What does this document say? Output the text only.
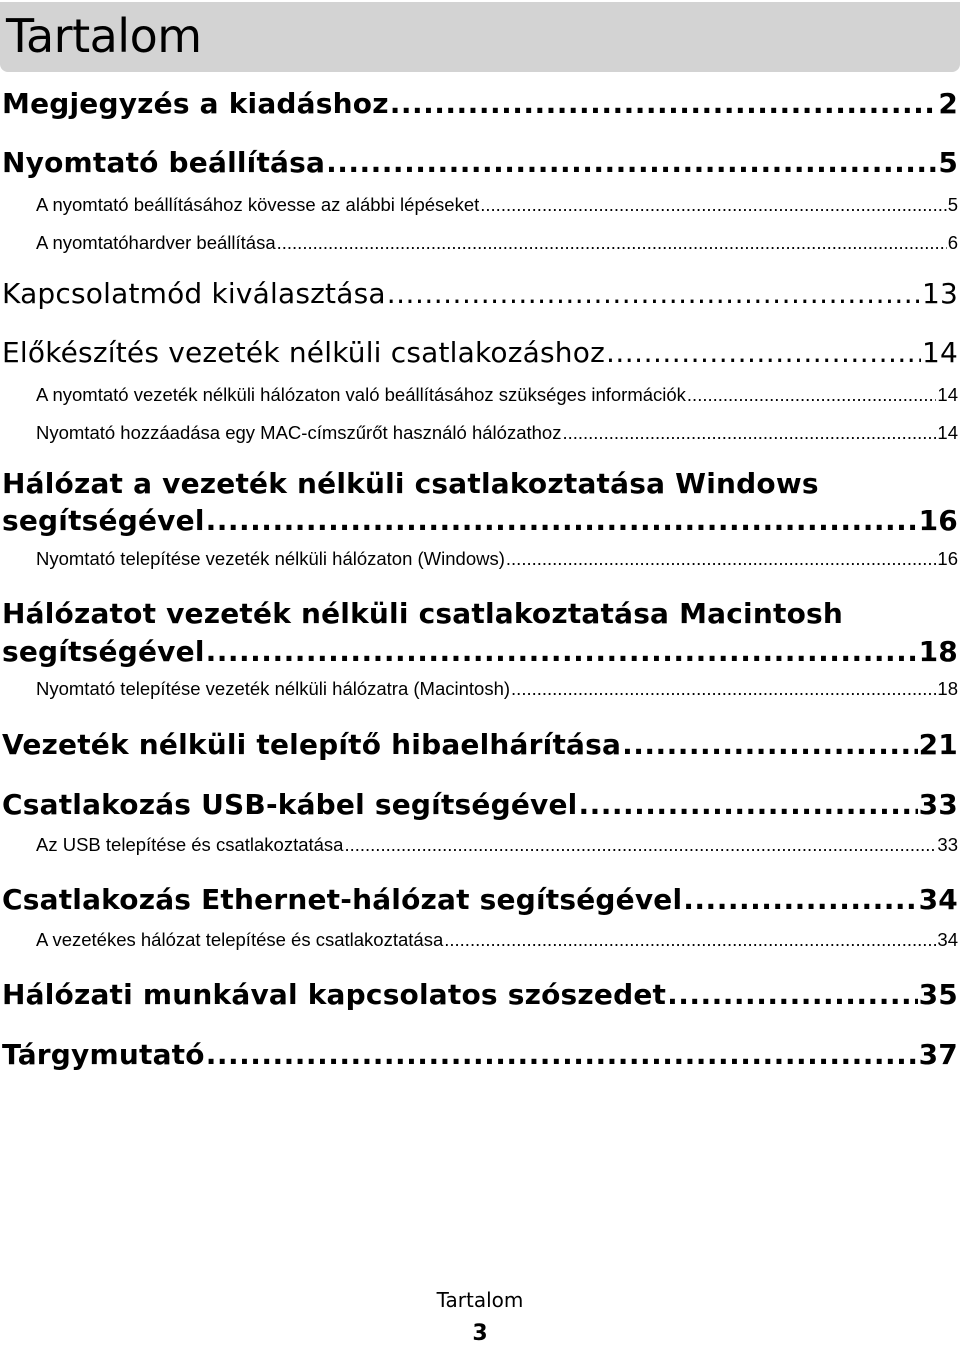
Tartalom
Megjegyzés a kiadáshoz .....	2
Nyomtató beállítása .....	5
A nyomtató beállításához kövesse az alábbi lépéseket .....	5
A nyomtatóhardver beállítása .....	6
Kapcsolatmód kiválasztása .....	13
Előkészítés vezeték nélküli csatlakozáshoz .....	14
A nyomtató vezeték nélküli hálózaton való beállításához szükséges információk .....	14
Nyomtató hozzáadása egy MAC-címszűrőt használó hálózathoz .....	14
Hálózat a vezeték nélküli csatlakoztatása Windows
segítségével .....	16
Nyomtató telepítése vezeték nélküli hálózaton (Windows) .....	16
Hálózatot vezeték nélküli csatlakoztatása Macintosh
segítségével .....	18
Nyomtató telepítése vezeték nélküli hálózatra (Macintosh) .....	18
Vezeték nélküli telepítő hibaelhárítása .....	21
Csatlakozás USB-kábel segítségével .....	33
Az USB telepítése és csatlakoztatása .....	33
Csatlakozás Ethernet-hálózat segítségével .....	34
A vezetékes hálózat telepítése és csatlakoztatása .....	34
Hálózati munkával kapcsolatos szószedet .....	35
Tárgymutató .....	37
Tartalom
3
